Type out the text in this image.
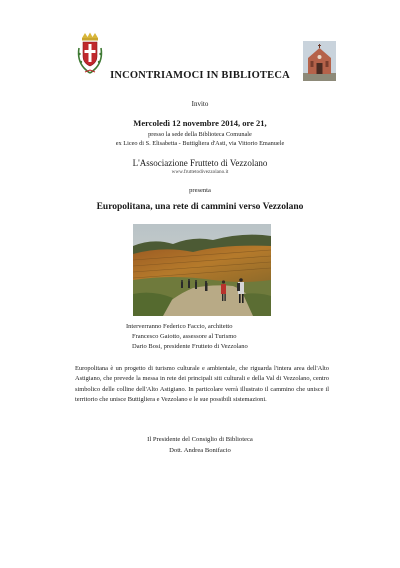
INCONTRIAMOCI IN BIBLIOTECA
Invito
Mercoledì 12 novembre 2014, ore 21,
presso la sede della Biblioteca Comunale
ex Liceo di S. Elisabetta - Buttigliera d'Asti, via Vittorio Emanuele
L'Associazione Frutteto di Vezzolano
www.fruttetodivezzolano.it
presenta
Europolitana, una rete di cammini verso Vezzolano
Interverranno Federico Faccio, architetto
Francesco Gaiotto, assessore al Turismo
Dario Bosi, presidente Frutteto di Vezzolano
Europolitana è un progetto di turismo culturale e ambientale, che riguarda l'intera area dell'Alto Astigiano, che prevede la messa in rete dei principali siti culturali e della Val di Vezzolano, centro simbolico delle colline dell'Alto Astigiano. In particolare verrà illustrato il cammino che unisce il territorio che unisce Buttigliera e Vezzolano e le sue possibili sistemazioni.
Il Presidente del Consiglio di Biblioteca
Dott. Andrea Bonifacio
